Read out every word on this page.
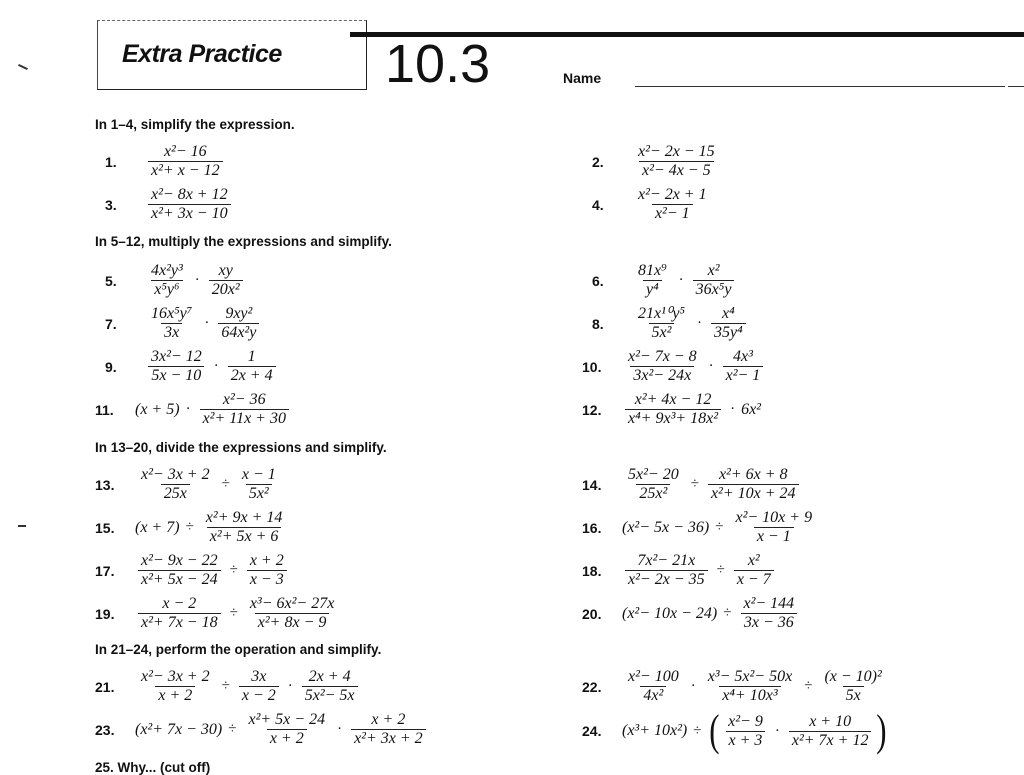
Extra Practice 10.3	Name
In 1–4, simplify the expression.
In 5–12, multiply the expressions and simplify.
In 13–20, divide the expressions and simplify.
In 21–24, perform the operation and simplify.
25. Why... (cut off)
1.	$\frac{\text{x²− 16}}{\text{x²+ x − 12}}$	2.	$\frac{\text{x²− 2x − 15}}{\text{x²− 4x − 5}}$
3.	$\frac{\text{x²− 8x + 12}}{\text{x²+ 3x − 10}}$	4.	$\frac{\text{x²− 2x + 1}}{\text{x²− 1}}$
5.	$\frac{\text{4x²y³}}{\text{x⁵y⁶}} \cdot \frac{xy}{\text{20x²}}$	6.	$\frac{\text{81x⁹}}{\text{y⁴}} \cdot \frac{\text{x²}}{\text{36x⁵y}}$
7.	$\frac{\text{16x⁵y⁷}}{3x} \cdot \frac{\text{9xy²}}{\text{64x²y}}$	8.	$\frac{\text{21x¹⁰y⁵}}{\text{5x²}} \cdot \frac{\text{x⁴}}{\text{35y⁴}}$
9.	$\frac{\text{3x²− 12}}{5x - 10} \cdot \frac{1}{2x + 4}$	10.	$\frac{\text{x²− 7x − 8}}{\text{3x²− 24x}} \cdot \frac{\text{4x³}}{\text{x²− 1}}$
11.	$(x + 5) \cdot \frac{\text{x²− 36}}{\text{x²+ 11x + 30}}$	12.	$\frac{\text{x²+ 4x − 12}}{\text{x⁴+ 9x³+ 18x²}} \cdot 6x^2$
13.	$\frac{\text{x²− 3x + 2}}{25x} \div \frac{x - 1}{\text{5x²}}$	14.	$\frac{\text{5x²− 20}}{\text{25x²}} \div \frac{\text{x²+ 6x + 8}}{\text{x²+ 10x + 24}}$
15.	$(x + 7) \div \frac{\text{x²+ 9x + 14}}{\text{x²+ 5x + 6}}$	16.	$(x^2- 5x - 36) \div \frac{\text{x²− 10x + 9}}{x - 1}$
17.	$\frac{\text{x²− 9x − 22}}{\text{x²+ 5x − 24}} \div \frac{x + 2}{x - 3}$	18.	$\frac{\text{7x²− 21x}}{\text{x²− 2x − 35}} \div \frac{\text{x²}}{x - 7}$
19.	$\frac{x - 2}{\text{x²+ 7x − 18}} \div \frac{\text{x³− 6x²− 27x}}{\text{x²+ 8x − 9}}$	20.	$(x^2- 10x - 24) \div \frac{\text{x²− 144}}{3x - 36}$
21.	$\frac{\text{x²− 3x + 2}}{x + 2} \div \frac{3x}{x - 2} \cdot \frac{2x + 4}{\text{5x²− 5x}}$	22.	$\frac{\text{x²− 100}}{\text{4x²}} \cdot \frac{\text{x³− 5x²− 50x}}{\text{x⁴+ 10x³}} \div \frac{\text{(x − 10)²}}{5x}$
23.	$(x^2+ 7x - 30) \div \frac{\text{x²+ 5x − 24}}{x + 2} \cdot \frac{x + 2}{\text{x²+ 3x + 2}}$	24.	(x³+ 10x²) ÷ ( $\frac{\text{x²− 9}}{x + 3} \cdot \frac{x + 10}{\text{x²+ 7x + 12}}$ )
